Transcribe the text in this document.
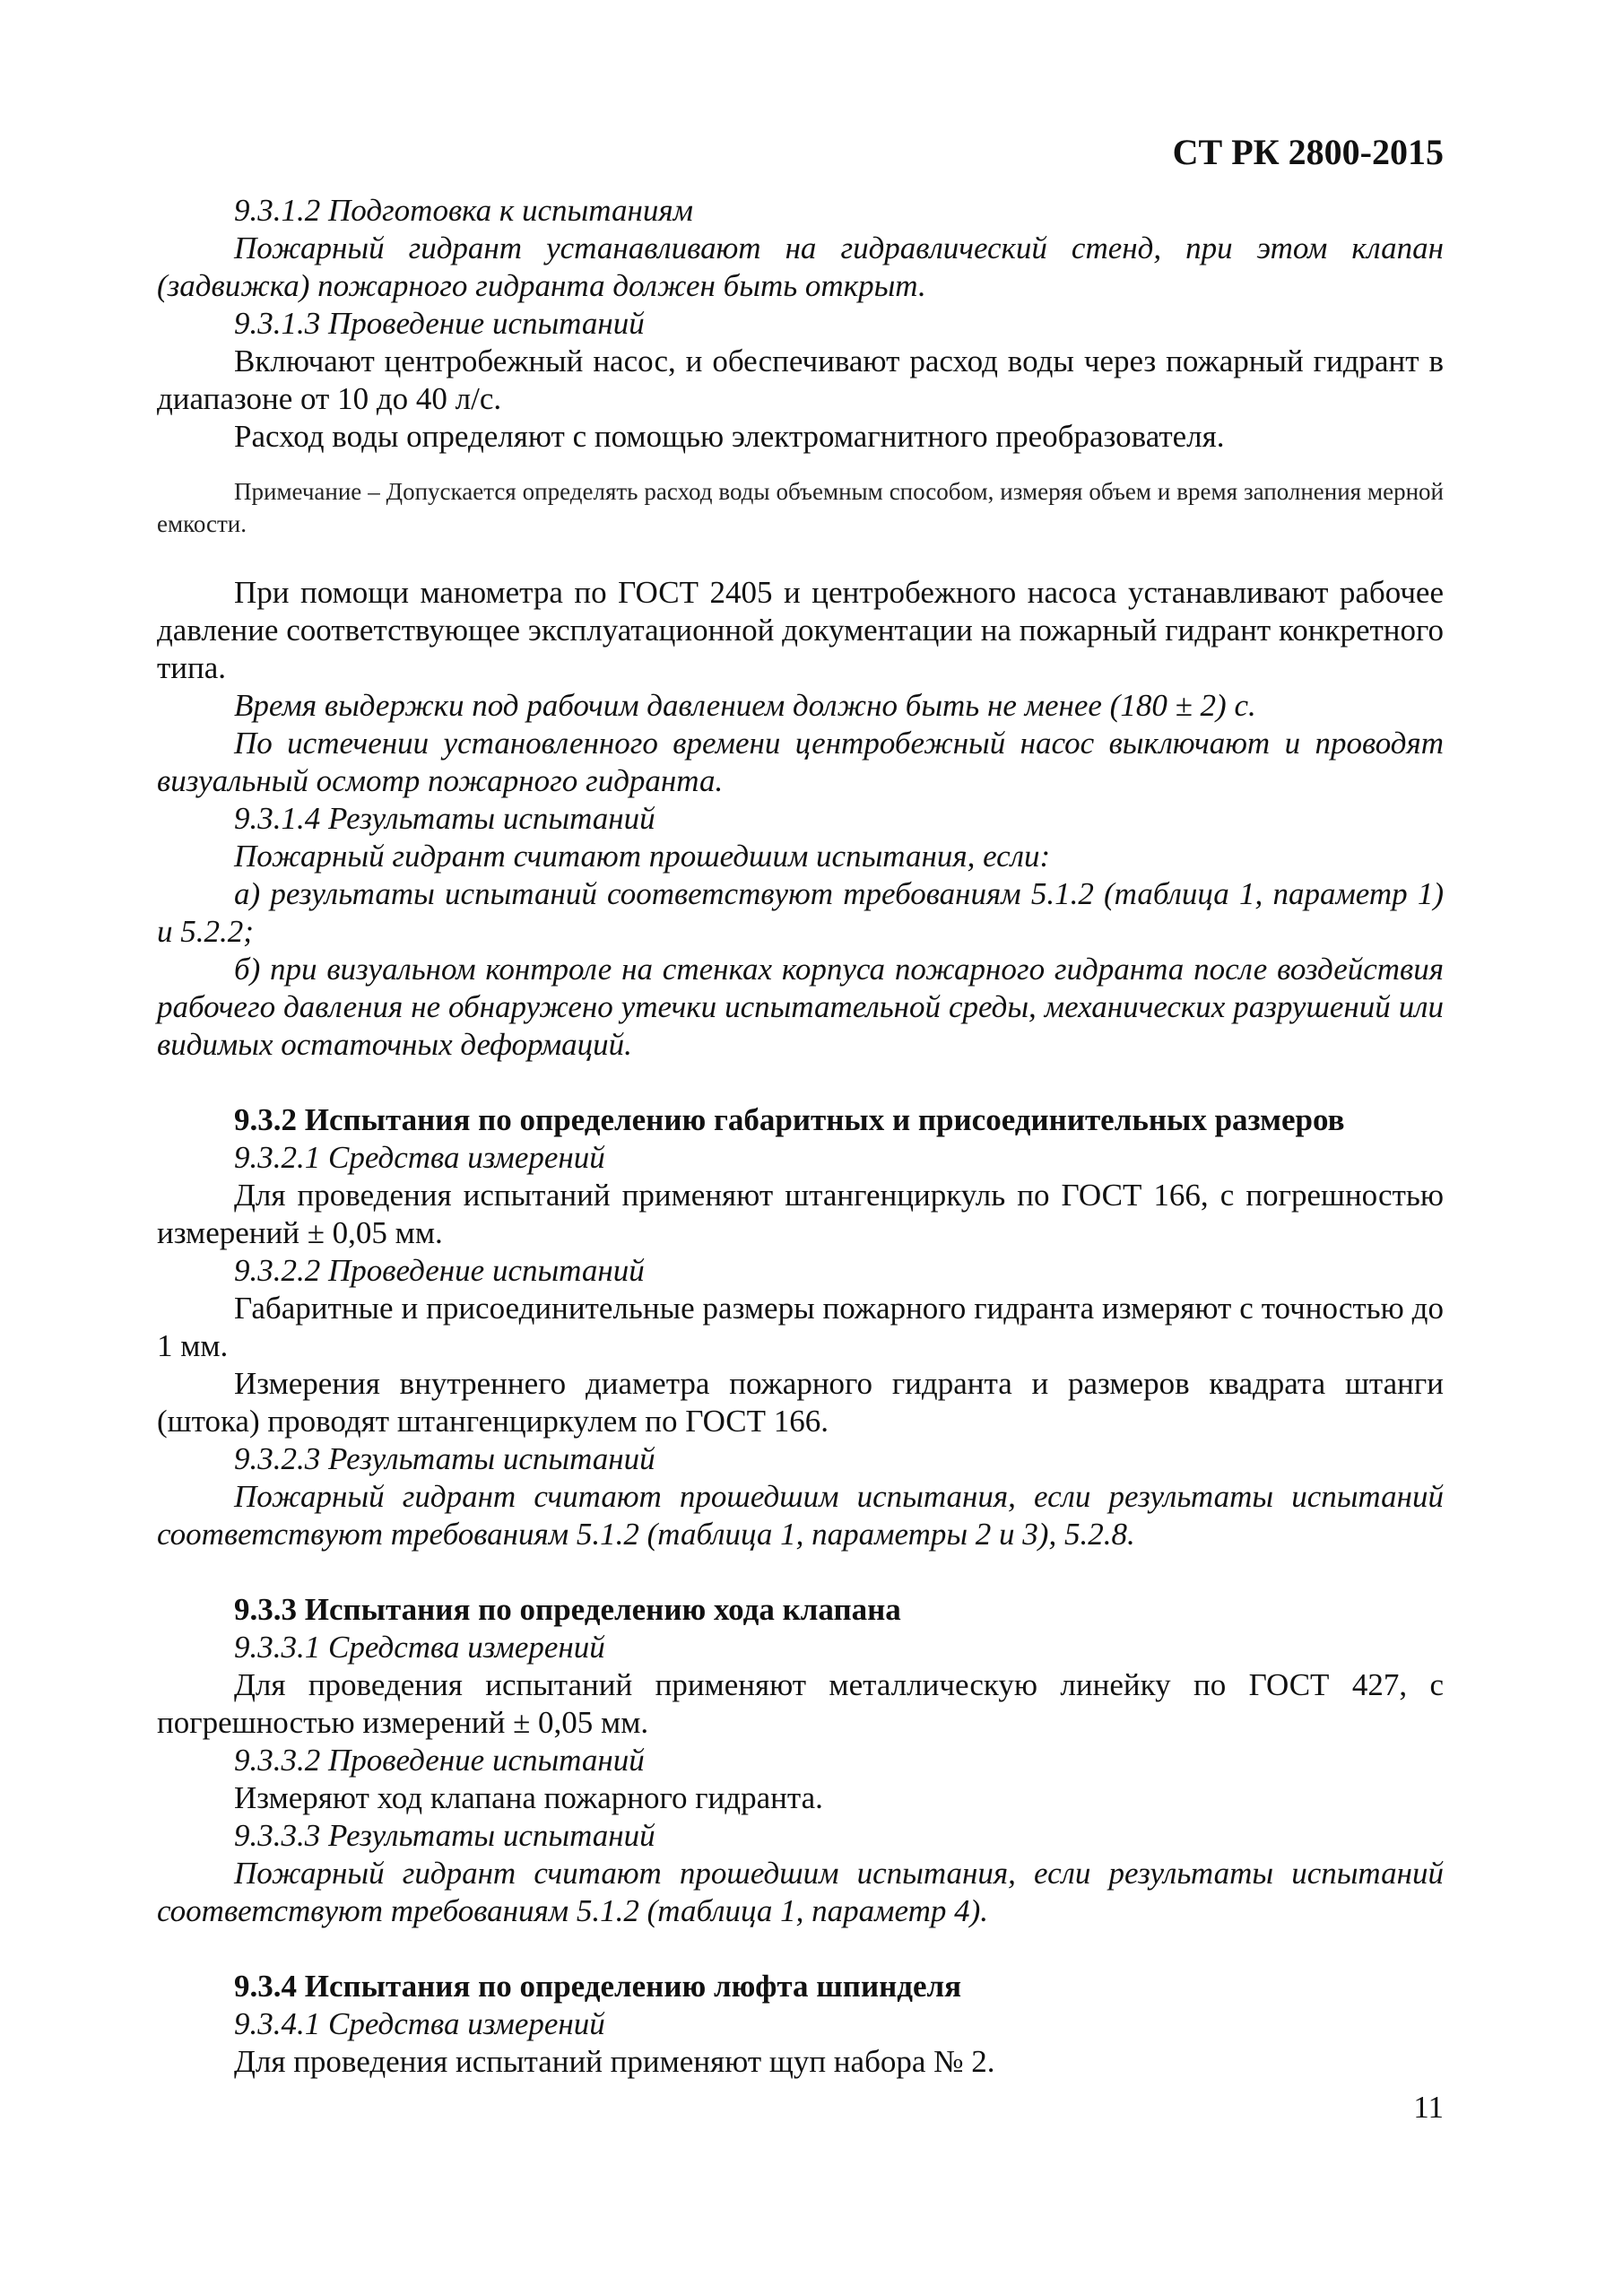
СТ РК 2800-2015

9.3.1.2 Подготовка к испытаниям

Пожарный гидрант устанавливают на гидравлический стенд, при этом клапан (задвижка) пожарного гидранта должен быть открыт.

9.3.1.3 Проведение испытаний

Включают центробежный насос, и обеспечивают расход воды через пожарный гидрант в диапазоне от 10 до 40 л/с.

Расход воды определяют с помощью электромагнитного преобразователя.

Примечание – Допускается определять расход воды объемным способом, измеряя объем и время заполнения мерной емкости.

При помощи манометра по ГОСТ 2405 и центробежного насоса устанавливают рабочее давление соответствующее эксплуатационной документации на пожарный гидрант конкретного типа.

Время выдержки под рабочим давлением должно быть не менее (180 ± 2) с.

По истечении установленного времени центробежный насос выключают и проводят визуальный осмотр пожарного гидранта.

9.3.1.4 Результаты испытаний

Пожарный гидрант считают прошедшим испытания, если:

а) результаты испытаний соответствуют требованиям 5.1.2 (таблица 1, параметр 1) и 5.2.2;

б) при визуальном контроле на стенках корпуса пожарного гидранта после воздействия рабочего давления не обнаружено утечки испытательной среды, механических разрушений или видимых остаточных деформаций.

9.3.2 Испытания по определению габаритных и присоединительных размеров

9.3.2.1 Средства измерений

Для проведения испытаний применяют штангенциркуль по ГОСТ 166, с погрешностью измерений ± 0,05 мм.

9.3.2.2 Проведение испытаний

Габаритные и присоединительные размеры пожарного гидранта измеряют с точностью до 1 мм.

Измерения внутреннего диаметра пожарного гидранта и размеров квадрата штанги (штока) проводят штангенциркулем по ГОСТ 166.

9.3.2.3 Результаты испытаний

Пожарный гидрант считают прошедшим испытания, если результаты испытаний соответствуют требованиям 5.1.2 (таблица 1, параметры 2 и 3), 5.2.8.

9.3.3 Испытания по определению хода клапана

9.3.3.1 Средства измерений

Для проведения испытаний применяют металлическую линейку по ГОСТ 427, с погрешностью измерений ± 0,05 мм.

9.3.3.2 Проведение испытаний

Измеряют ход клапана пожарного гидранта.

9.3.3.3 Результаты испытаний

Пожарный гидрант считают прошедшим испытания, если результаты испытаний соответствуют требованиям 5.1.2 (таблица 1, параметр 4).

9.3.4 Испытания по определению люфта шпинделя

9.3.4.1 Средства измерений

Для проведения испытаний применяют щуп набора № 2.

11
